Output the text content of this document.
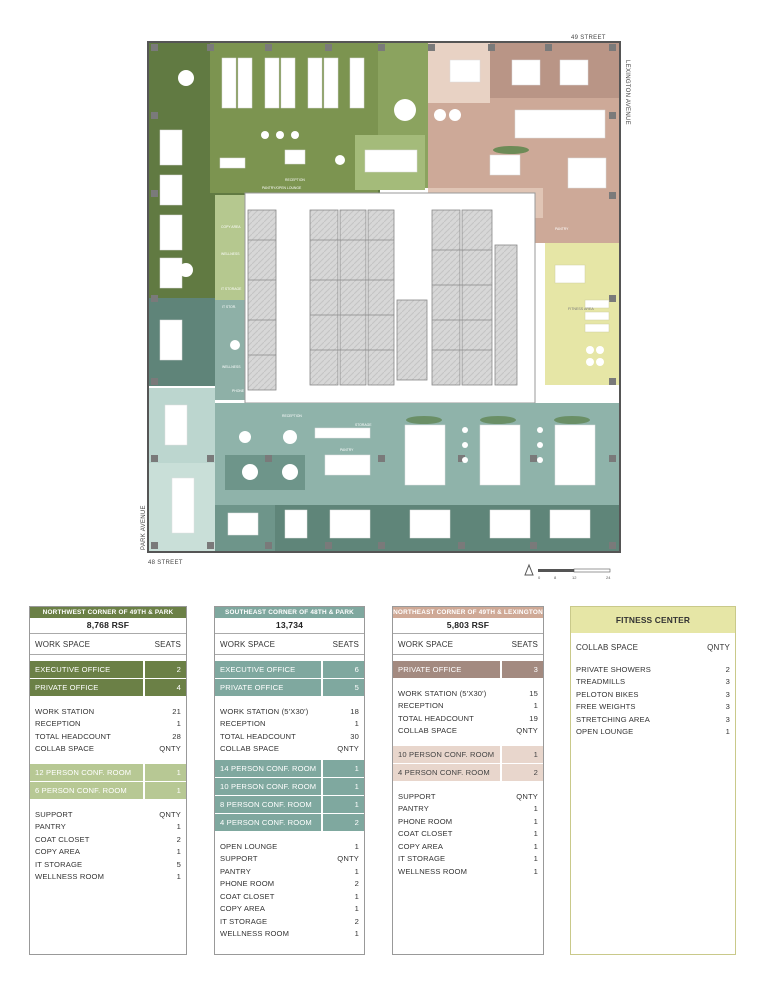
RECEPTION
PANTRY/OPEN LOUNGE
RECEPTION
PANTRY
RECEPTION
STORAGE
PANTRY
WELLNESS
IT STORAGE
COPY AREA
PHONE
IT STOR.
WELLNESS
FITNESS AREA
49 STREET
48 STREET
LEXINGTON AVENUE
PARK AVENUE
0	8	12	24
NORTHWEST CORNER OF 49TH & PARK
8,768 RSF
WORK SPACE	SEATS
EXECUTIVE OFFICE	2
PRIVATE OFFICE	4
WORK STATION	21
RECEPTION	1
TOTAL HEADCOUNT	28
COLLAB SPACE	QNTY
12 PERSON CONF. ROOM	1
6 PERSON CONF. ROOM	1
SUPPORT	QNTY
PANTRY	1
COAT CLOSET	2
COPY AREA	1
IT STORAGE	5
WELLNESS ROOM	1
SOUTHEAST CORNER OF 48TH & PARK
13,734
WORK SPACE	SEATS
EXECUTIVE OFFICE	6
PRIVATE OFFICE	5
WORK STATION (5'X30')	18
RECEPTION	1
TOTAL HEADCOUNT	30
COLLAB SPACE	QNTY
14 PERSON CONF. ROOM	1
10 PERSON CONF. ROOM	1
8 PERSON CONF. ROOM	1
4 PERSON CONF. ROOM	2
OPEN LOUNGE	1
SUPPORT	QNTY
PANTRY	1
PHONE ROOM	2
COAT CLOSET	1
COPY AREA	1
IT STORAGE	2
WELLNESS ROOM	1
NORTHEAST CORNER OF 49TH & LEXINGTON
5,803 RSF
WORK SPACE	SEATS
PRIVATE OFFICE	3
WORK STATION (5'X30')	15
RECEPTION	1
TOTAL HEADCOUNT	19
COLLAB SPACE	QNTY
10 PERSON CONF. ROOM	1
4 PERSON CONF. ROOM	2
SUPPORT	QNTY
PANTRY	1
PHONE ROOM	1
COAT CLOSET	1
COPY AREA	1
IT STORAGE	1
WELLNESS ROOM	1
FITNESS CENTER
COLLAB SPACE	QNTY
PRIVATE SHOWERS	2
TREADMILLS	3
PELOTON BIKES	3
FREE WEIGHTS	3
STRETCHING AREA	3
OPEN LOUNGE	1
